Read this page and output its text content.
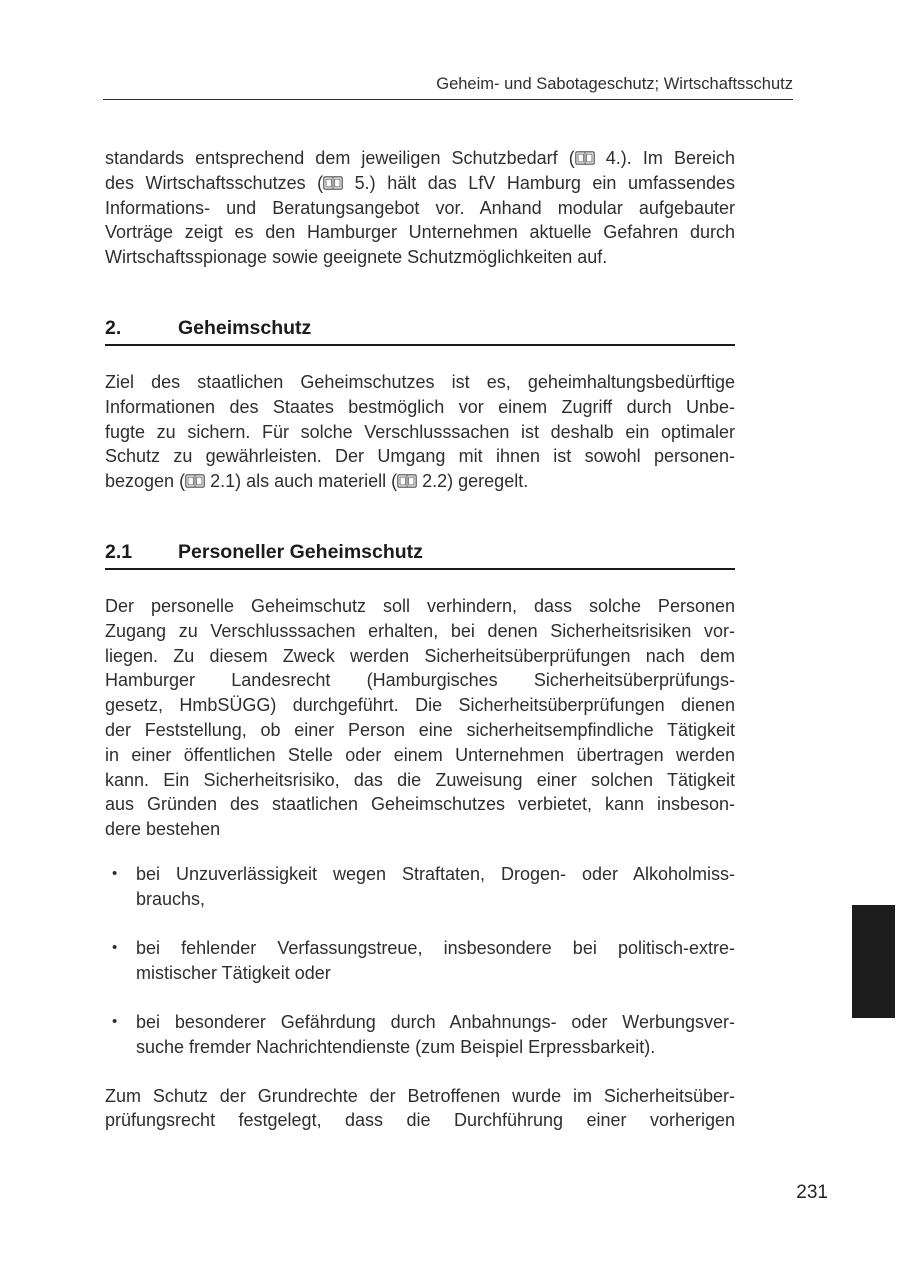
Geheim- und Sabotageschutz; Wirtschaftsschutz
standards entsprechend dem jeweiligen Schutzbedarf (
4.). Im Bereich
des Wirtschaftsschutzes (
5.) hält das LfV Hamburg ein umfassendes
Informations- und Beratungsangebot vor. Anhand modular aufgebauter
Vorträge zeigt es den Hamburger Unternehmen aktuelle Gefahren durch
Wirtschaftsspionage sowie geeignete Schutzmöglichkeiten auf.
2.	Geheimschutz
Ziel des staatlichen Geheimschutzes ist es, geheimhaltungsbedürftige
Informationen des Staates bestmöglich vor einem Zugriff durch Unbe-
fugte zu sichern. Für solche Verschlusssachen ist deshalb ein optimaler
Schutz zu gewährleisten. Der Umgang mit ihnen ist sowohl personen-
bezogen (
2.1) als auch materiell (
2.2) geregelt.
2.1 Personeller Geheimschutz
Der personelle Geheimschutz soll verhindern, dass solche Personen
Zugang zu Verschlusssachen erhalten, bei denen Sicherheitsrisiken vor-
liegen. Zu diesem Zweck werden Sicherheitsüberprüfungen nach dem
Hamburger Landesrecht (Hamburgisches Sicherheitsüberprüfungs-
gesetz, HmbSÜGG) durchgeführt. Die Sicherheitsüberprüfungen dienen
der Feststellung, ob einer Person eine sicherheitsempfindliche Tätigkeit
in einer öffentlichen Stelle oder einem Unternehmen übertragen werden
kann. Ein Sicherheitsrisiko, das die Zuweisung einer solchen Tätigkeit
aus Gründen des staatlichen Geheimschutzes verbietet, kann insbeson-
dere bestehen
•	bei Unzuverlässigkeit wegen Straftaten, Drogen- oder Alkoholmiss-
brauchs,
•	bei fehlender Verfassungstreue, insbesondere bei politisch-extre-
mistischer Tätigkeit oder
•	bei besonderer Gefährdung durch Anbahnungs- oder Werbungsver-
suche fremder Nachrichtendienste (zum Beispiel Erpressbarkeit).
Zum Schutz der Grundrechte der Betroffenen wurde im Sicherheitsüber-
prüfungsrecht festgelegt, dass die Durchführung einer vorherigen
231
